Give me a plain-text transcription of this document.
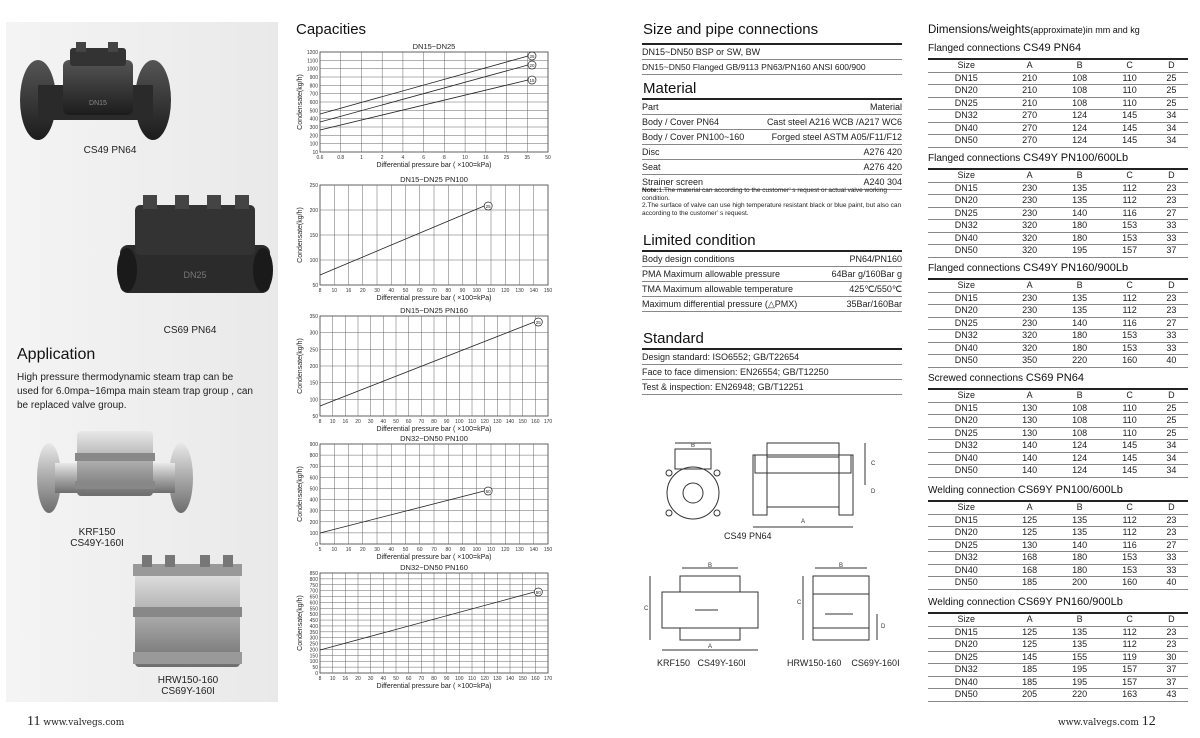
DN15
CS49 PN64
DN25
CS69 PN64
Application
High pressure thermodynamic steam trap can be used for 6.0mpa~16mpa main steam trap group , can be replaced valve group.
KRF150
CS49Y-160I
HRW150-160
CS69Y-160I
11 www.valvegs.com
Capacities
DN15~DN25
0.6	0.8	1	2	4	6	8	10	16	25	35	50
10
100
200
300
400
500
600
700
800
900
1000
1100
1200
Differential pressure bar ( ×100=kPa)
Condensate(kg/h)
25
20
15
DN15~DN25 PN100
8 10 16 20 30 40 50 60 70 80 90 100 110 120 130 140 150
50
100
150
200
250
Differential pressure bar ( ×100=kPa)
Condensate(kg/h)
25
DN15~DN25 PN160
8 10 16 20 30 40 50 60 70 80 90 100 110 120 130 140 150 160 170
50
100
150
200
250
300
350
Differential pressure bar ( ×100=kPa)
Condensate(kg/h)
25
DN32~DN50 PN100
5 10 16 20 30 40 50 60 70 80 90 100 110 120 130 140 150
0
100
200
300
400
500
600
700
800
900
Differential pressure bar ( ×100=kPa)
Condensate(kg/h)	50
DN32~DN50 PN160
8 10 16 20 30 40 50 60 70 80 90 100 110 120 130 140 150 160 170
0
50
100
150
200
250
300
350
400
450
500
550
600
650
700
750
800
850
Differential pressure bar ( ×100=kPa)
Condensate(kg/h)
50
Size and pipe connections
DN15~DN50 BSP or SW, BW
DN15~DN50 Flanged GB/9113 PN63/PN160 ANSI 600/900
Material
Part	Material
Body / Cover PN64	Cast steel A216 WCB /A217 WC6
Body / Cover PN100~160	Forged steel ASTM A05/F11/F12
Disc	A276 420
Seat	A276 420
Strainer screen	A240 304
Note:1.The material can according to the customer’ s request or actual valve working condition.
2.The surface of valve can use high temperature resistant black or blue paint, but also can according to the customer’ s request.
Limited condition
Body design conditions	PN64/PN160
PMA Maximum allowable pressure	64Bar g/160Bar g
TMA Maximum allowable temperature	425℃/550℃
Maximum differential pressure (△PMX)	35Bar/160Bar
Standard
Design standard: ISO6552; GB/T22654
Face to face dimension: EN26554; GB/T12250
Test & inspection: EN26948; GB/T12251
B
A
C
D
CS49 PN64
B
C
A
KRF150   CS49Y-160I
B
C
D
HRW150-160    CS69Y-160I
Dimensions/weights(approximate)in mm and kg
Flanged connections CS49 PN64
Size	A	B	C	D
DN15	210	108	110	25
DN20	210	108	110	25
DN25	210	108	110	25
DN32	270	124	145	34
DN40	270	124	145	34
DN50	270	124	145	34
Flanged connections CS49Y PN100/600Lb
Size	A	B	C	D
DN15	230	135	112	23
DN20	230	135	112	23
DN25	230	140	116	27
DN32	320	180	153	33
DN40	320	180	153	33
DN50	320	195	157	37
Flanged connections CS49Y PN160/900Lb
Size	A	B	C	D
DN15	230	135	112	23
DN20	230	135	112	23
DN25	230	140	116	27
DN32	320	180	153	33
DN40	320	180	153	33
DN50	350	220	160	40
Screwed connections CS69 PN64
Size	A	B	C	D
DN15	130	108	110	25
DN20	130	108	110	25
DN25	130	108	110	25
DN32	140	124	145	34
DN40	140	124	145	34
DN50	140	124	145	34
Welding connection CS69Y PN100/600Lb
Size	A	B	C	D
DN15	125	135	112	23
DN20	125	135	112	23
DN25	130	140	116	27
DN32	168	180	153	33
DN40	168	180	153	33
DN50	185	200	160	40
Welding connection CS69Y PN160/900Lb
Size	A	B	C	D
DN15	125	135	112	23
DN20	125	135	112	23
DN25	145	155	119	30
DN32	185	195	157	37
DN40	185	195	157	37
DN50	205	220	163	43
www.valvegs.com 12
